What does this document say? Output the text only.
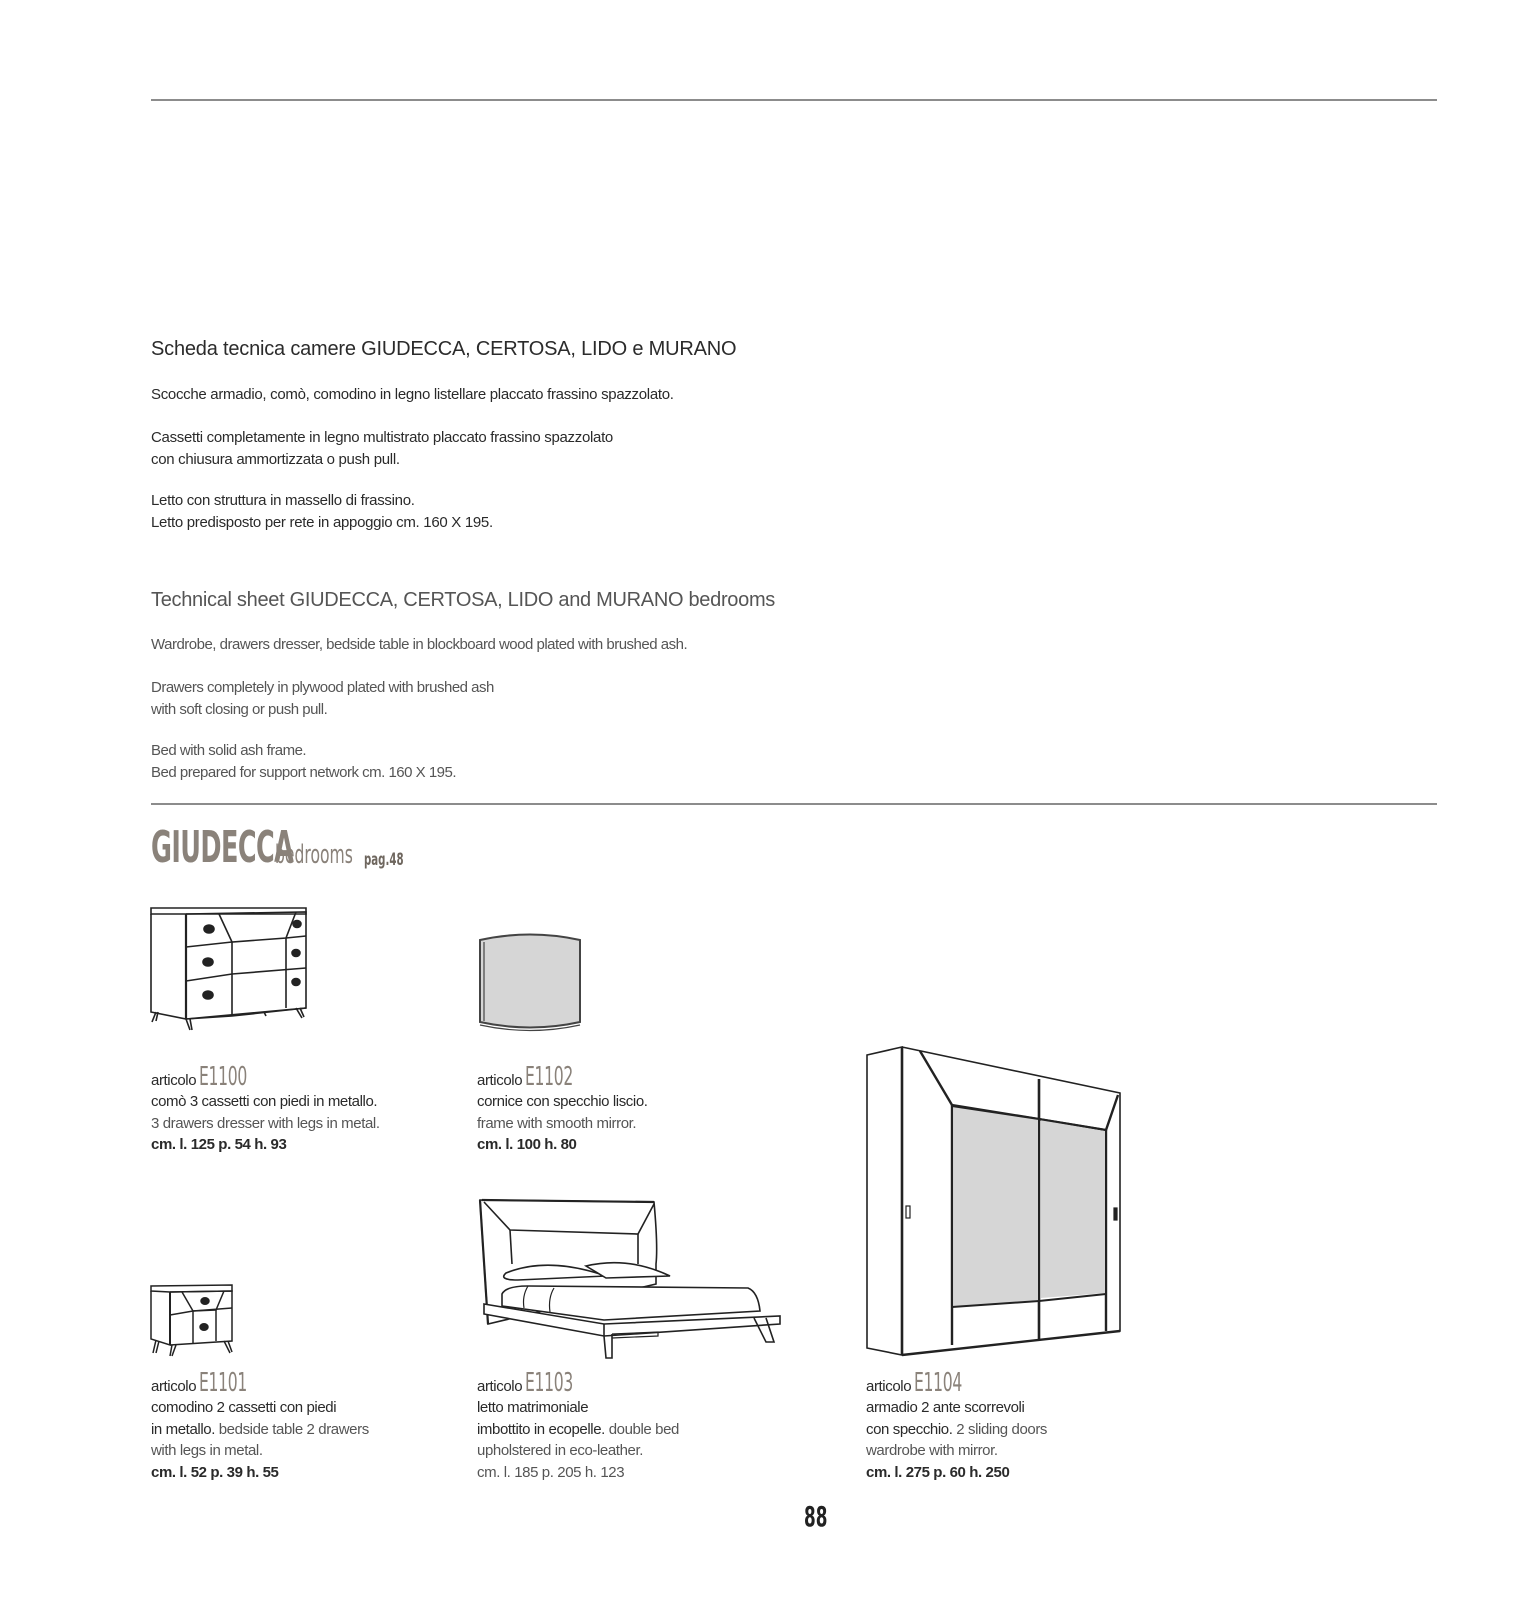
Scheda tecnica camere GIUDECCA, CERTOSA, LIDO e MURANO
Scocche armadio, comò, comodino in legno listellare placcato frassino spazzolato.
Cassetti completamente in legno multistrato placcato frassino spazzolato
con chiusura ammortizzata o push pull.
Letto con struttura in massello di frassino.
Letto predisposto per rete in appoggio cm. 160 X 195.
Technical sheet GIUDECCA, CERTOSA, LIDO and MURANO bedrooms
Wardrobe, drawers dresser, bedside table in blockboard wood plated with brushed ash.
Drawers completely in plywood plated with brushed ash
with soft closing or push pull.
Bed with solid ash frame.
Bed prepared for support network cm. 160 X 195.
GIUDECCA
bedrooms pag.48
articolo E1100
comò 3 cassetti con piedi in metallo.
3 drawers dresser with legs in metal.
cm. l. 125 p. 54 h. 93
articolo E1102
cornice con specchio liscio.
frame with smooth mirror.
cm. l. 100 h. 80
articolo E1101
comodino 2 cassetti con piedi
in metallo. bedside table 2 drawers
with legs in metal.
cm. l. 52 p. 39 h. 55
articolo E1103
letto matrimoniale
imbottito in ecopelle. double bed
upholstered in eco-leather.
cm. l. 185 p. 205 h. 123
articolo E1104
armadio 2 ante scorrevoli
con specchio. 2 sliding doors
wardrobe with mirror.
cm. l. 275 p. 60 h. 250
88
